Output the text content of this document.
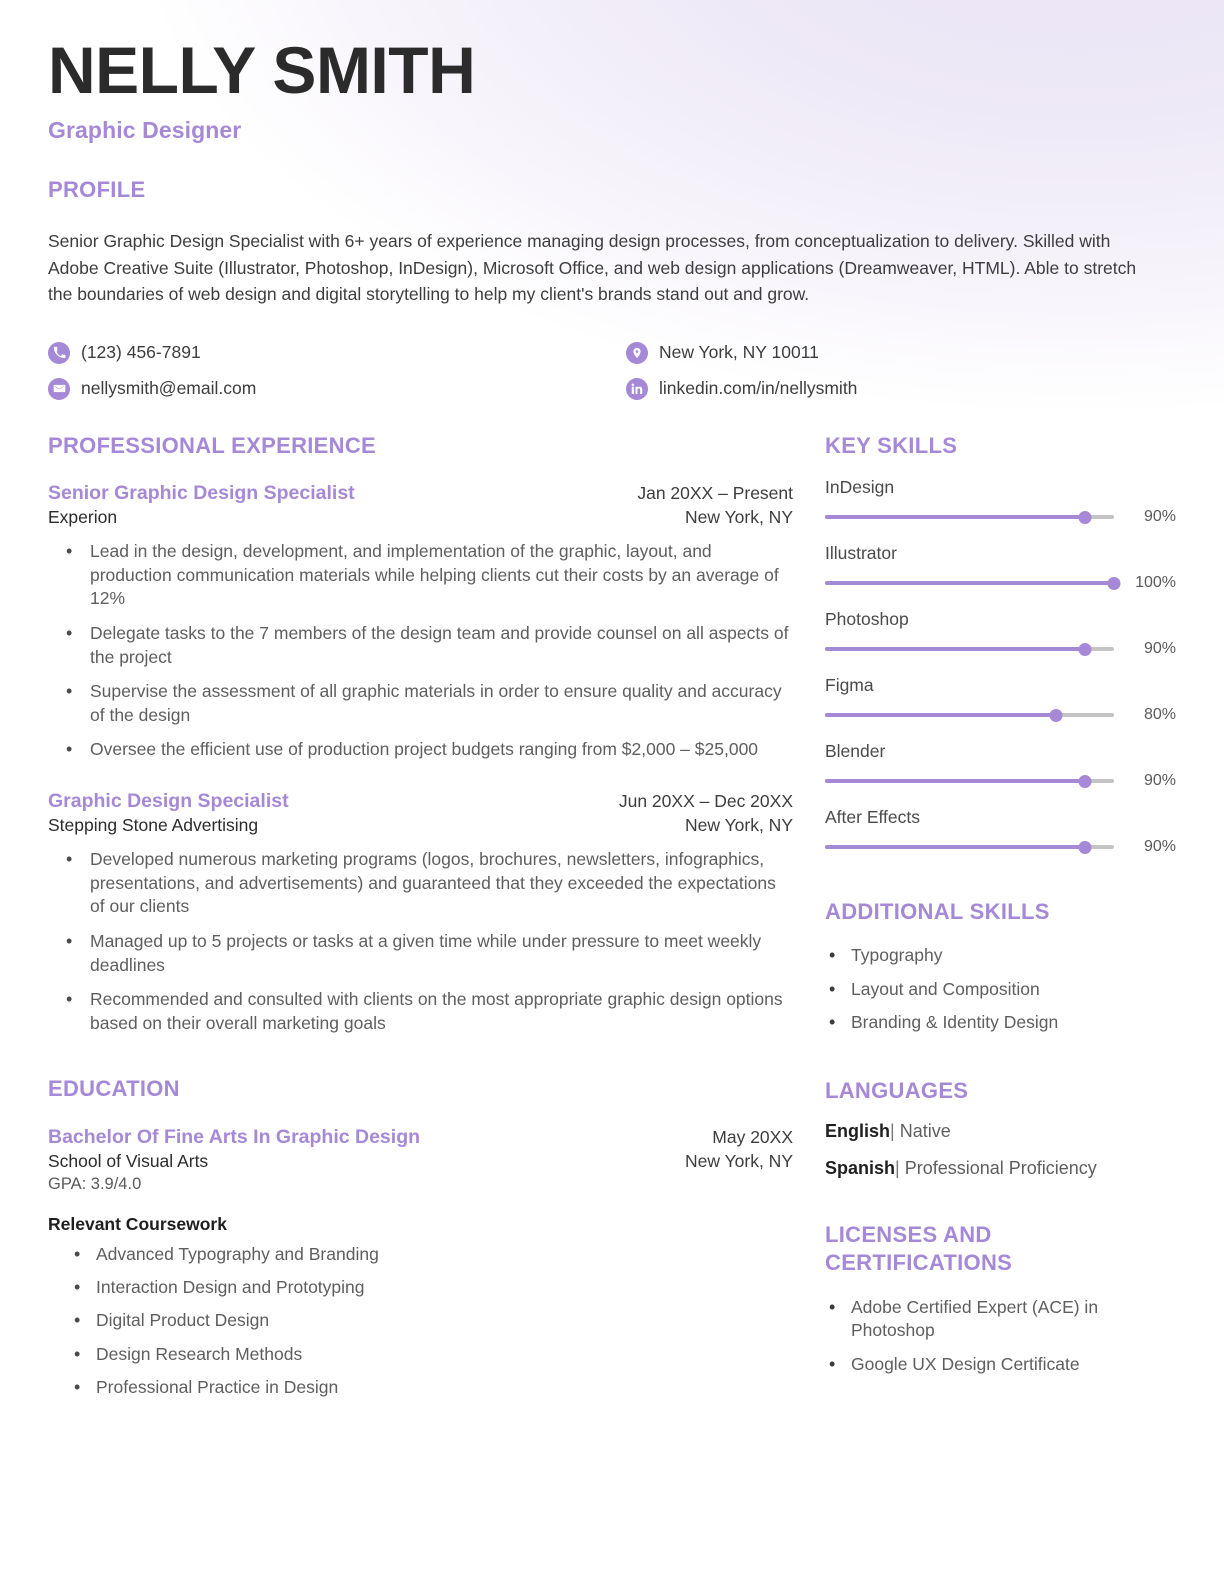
NELLY SMITH
Graphic Designer
PROFILE

Senior Graphic Design Specialist with 6+ years of experience managing design processes, from conceptualization to delivery. Skilled with Adobe Creative Suite (Illustrator, Photoshop, InDesign), Microsoft Office, and web design applications (Dreamweaver, HTML). Able to stretch the boundaries of web design and digital storytelling to help my client's brands stand out and grow.

(123) 456-7891	New York, NY 10011
nellysmith@email.com	linkedin.com/in/nellysmith
PROFESSIONAL EXPERIENCE
Senior Graphic Design Specialist	Jan 20XX – Present
Experion	New York, NY
• Lead in the design, development, and implementation of the graphic, layout, and production communication materials while helping clients cut their costs by an average of 12%
• Delegate tasks to the 7 members of the design team and provide counsel on all aspects of the project
• Supervise the assessment of all graphic materials in order to ensure quality and accuracy of the design
• Oversee the efficient use of production project budgets ranging from $2,000 – $25,000
Graphic Design Specialist	Jun 20XX – Dec 20XX
Stepping Stone Advertising	New York, NY
• Developed numerous marketing programs (logos, brochures, newsletters, infographics, presentations, and advertisements) and guaranteed that they exceeded the expectations of our clients
• Managed up to 5 projects or tasks at a given time while under pressure to meet weekly deadlines
• Recommended and consulted with clients on the most appropriate graphic design options based on their overall marketing goals
EDUCATION
Bachelor Of Fine Arts In Graphic Design	May 20XX
School of Visual Arts	New York, NY
GPA: 3.9/4.0
Relevant Coursework
• Advanced Typography and Branding
• Interaction Design and Prototyping
• Digital Product Design
• Design Research Methods
• Professional Practice in Design
KEY SKILLS
InDesign
90%
Illustrator
100%
Photoshop
90%
Figma
80%
Blender
90%
After Effects
90%
ADDITIONAL SKILLS
• Typography
• Layout and Composition
• Branding & Identity Design
LANGUAGES
English| Native
Spanish| Professional Proficiency
LICENSES AND CERTIFICATIONS
• Adobe Certified Expert (ACE) in Photoshop
• Google UX Design Certificate
